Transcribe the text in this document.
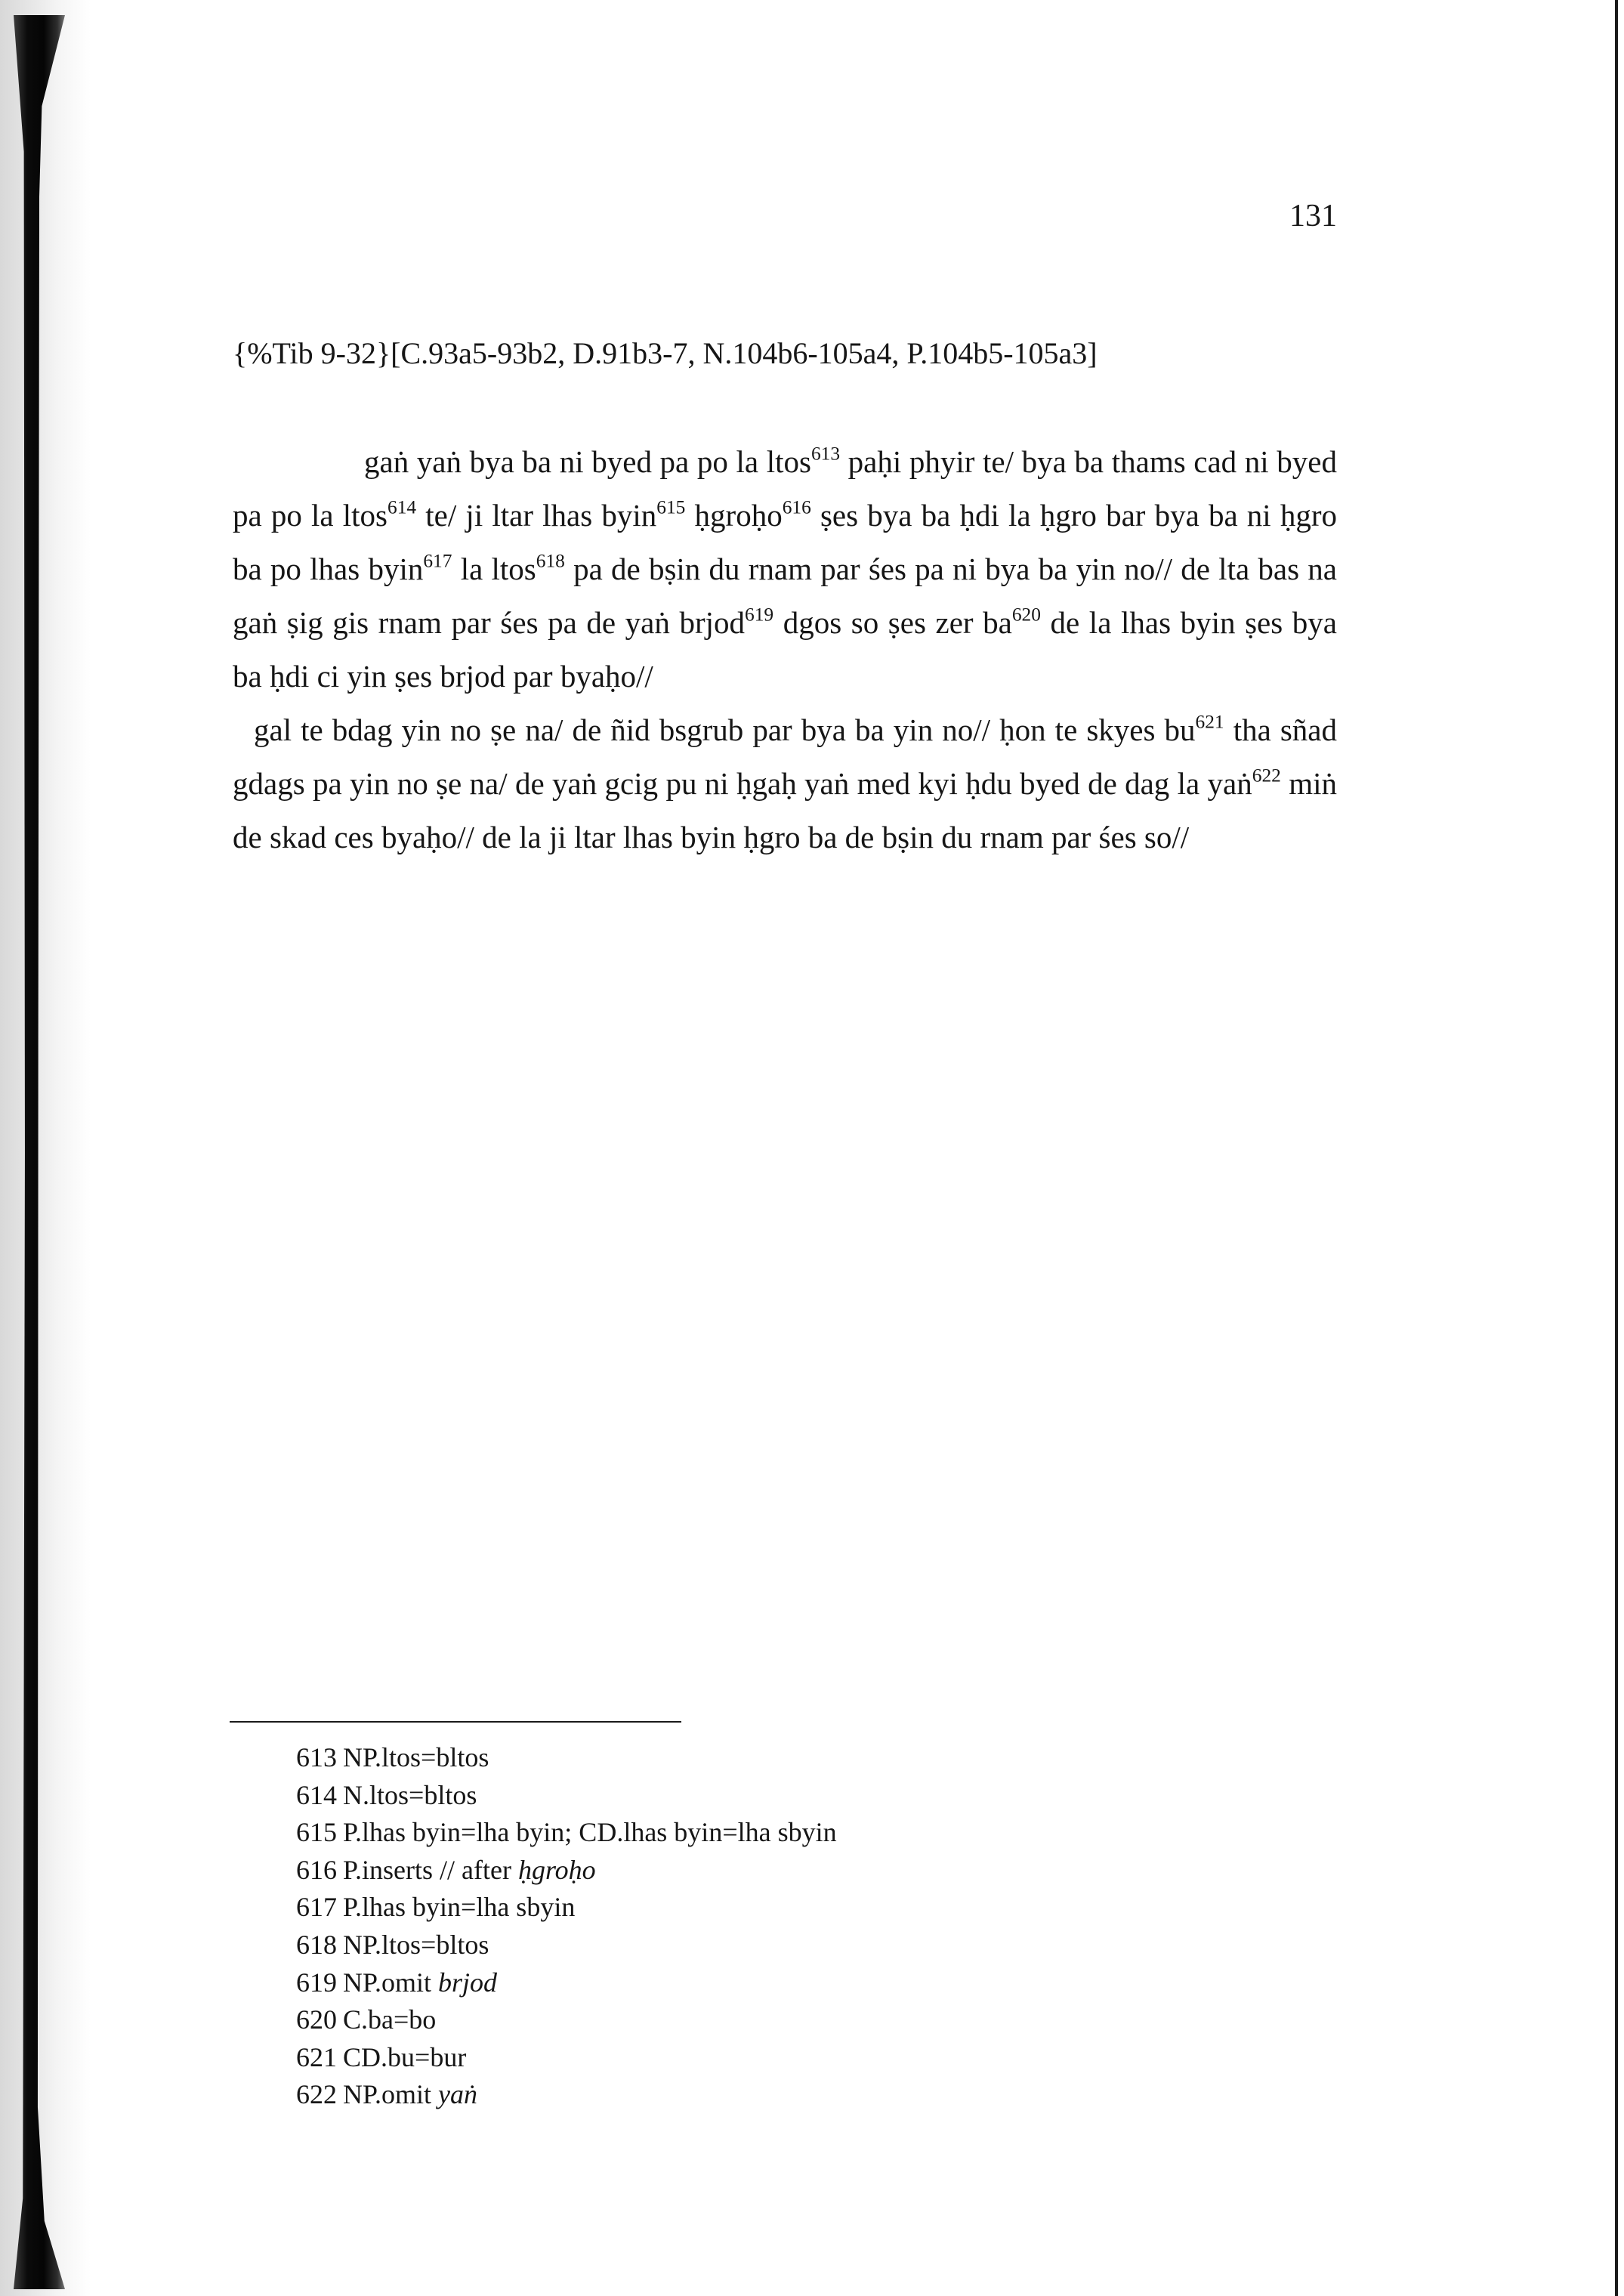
131
{%Tib 9-32}[C.93a5-93b2, D.91b3-7, N.104b6-105a4, P.104b5-105a3]

gaṅ yaṅ bya ba ni byed pa po la ltos$^{613}$ paḥi phyir te/ bya ba thams cad ni byed pa po la ltos$^{614}$ te/ ji ltar lhas byin$^{615}$ ḥgroḥo$^{616}$ ṣes bya ba ḥdi la ḥgro bar bya ba ni ḥgro ba po lhas byin$^{617}$ la ltos$^{618}$ pa de bṣin du rnam par śes pa ni bya ba yin no// de lta bas na gaṅ ṣig gis rnam par śes pa de yaṅ brjod$^{619}$ dgos so ṣes zer $ba^{620}$ de la lhas byin ṣes bya ba ḥdi ci yin ṣes brjod par byaḥo//

gal te bdag yin no ṣe na/ de ñid bsgrub par bya ba yin no// ḥon te skyes $bu^{621}$ tha sñad gdags pa yin no ṣe na/ de yaṅ gcig pu ni ḥgaḥ yaṅ med kyi ḥdu byed de dag la yaṅ$^{622}$ miṅ de skad ces byaḥo// de la ji ltar lhas byin ḥgro ba de bṣin du rnam par śes so//

613 NP.ltos=bltos
614 N.ltos=bltos
615 P.lhas byin=lha byin; CD.lhas byin=lha sbyin
616 P.inserts // after ḥgroḥo
617 P.lhas byin=lha sbyin
618 NP.ltos=bltos
619 NP.omit brjod
620 C.ba=bo
621 CD.bu=bur
622 NP.omit yaṅ
